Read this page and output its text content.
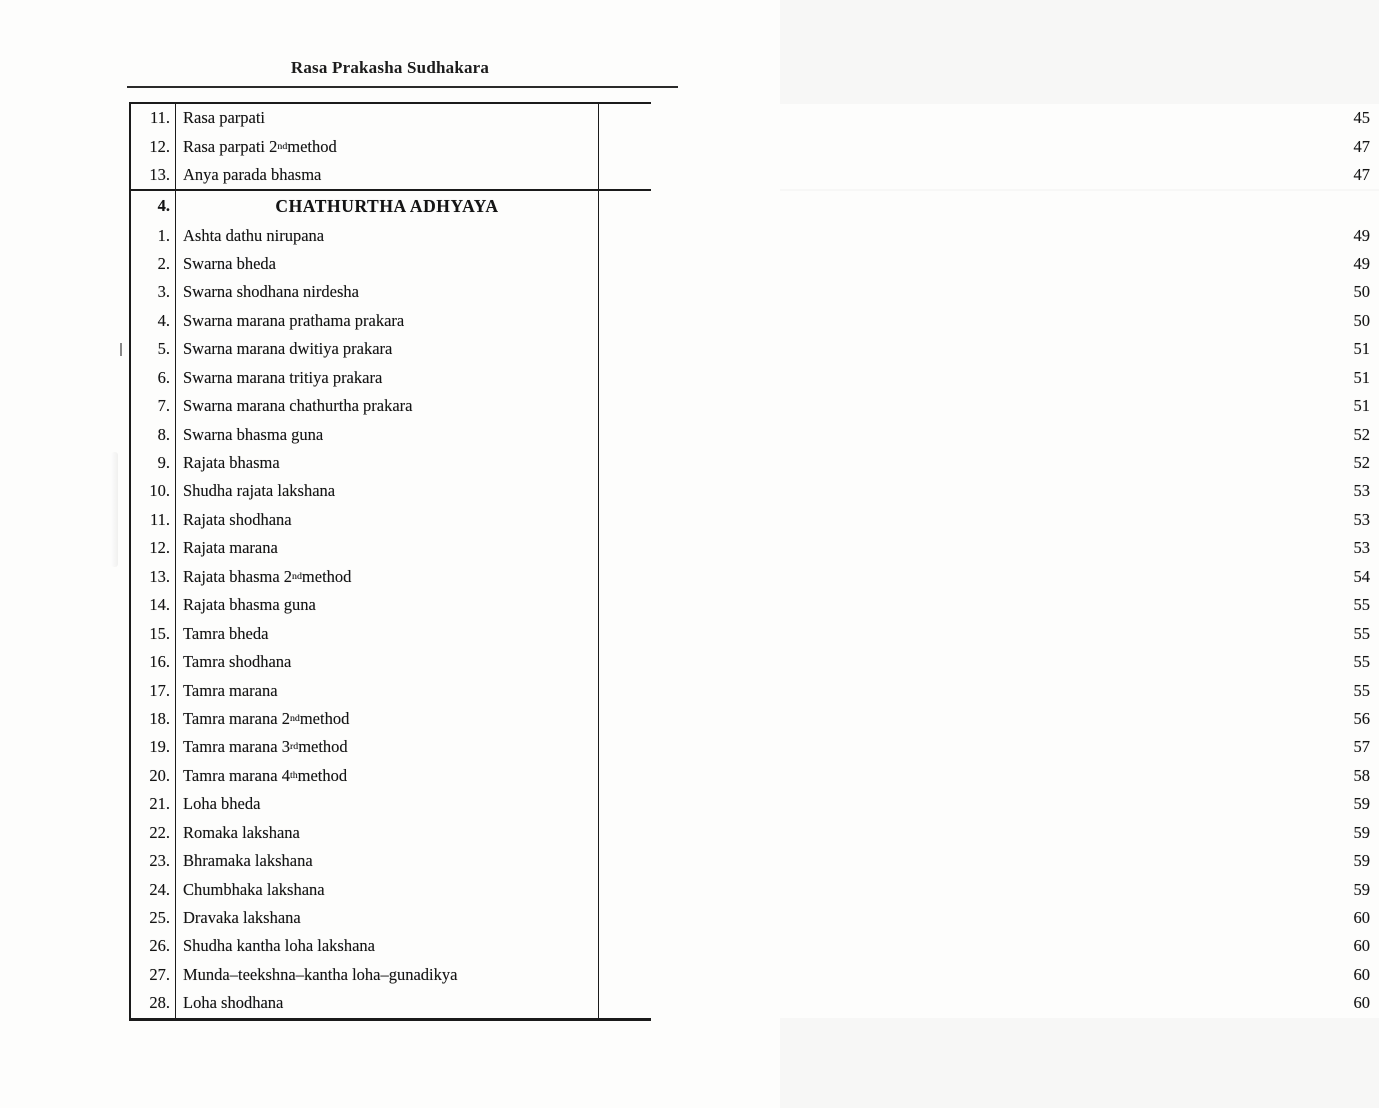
Rasa Prakasha Sudhakara
11. Rasa parpati	45
12. Rasa parpati 2 nd method	47
13. Anya parada bhasma	47
4.	CHATHURTHA ADHYAYA
1. Ashta dathu nirupana	49
2. Swarna bheda	49
3. Swarna shodhana nirdesha	50
4. Swarna marana prathama prakara	50
5. Swarna marana dwitiya prakara	51
6. Swarna marana tritiya prakara	51
7. Swarna marana chathurtha prakara	51
8. Swarna bhasma guna	52
9. Rajata bhasma	52
10. Shudha rajata lakshana	53
11. Rajata shodhana	53
12. Rajata marana	53
13. Rajata bhasma 2 nd method	54
14. Rajata bhasma guna	55
15. Tamra bheda	55
16. Tamra shodhana	55
17. Tamra marana	55
18. Tamra marana 2 nd method	56
19. Tamra marana 3 rd method	57
20. Tamra marana 4 th method	58
21. Loha bheda	59
22. Romaka lakshana	59
23. Bhramaka lakshana	59
24. Chumbhaka lakshana	59
25. Dravaka lakshana	60
26. Shudha kantha loha lakshana	60
27. Munda–teekshna–kantha loha–gunadikya	60
28. Loha shodhana	60
